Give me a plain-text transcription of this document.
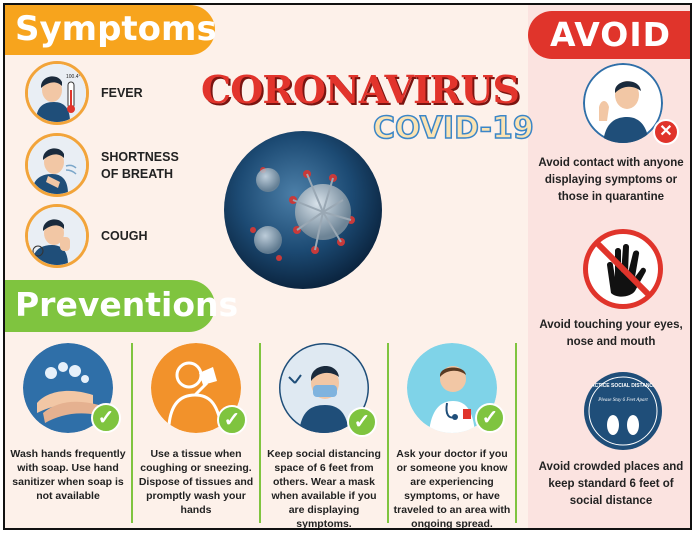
Symptoms
100.4°+
FEVER
SHORTNESS
OF BREATH
COUGH
CORONAVIRUS
COVID-19
Preventions
✓
Wash hands frequently with soap. Use hand sanitizer when soap is not available
✓
Use a tissue when coughing or sneezing. Dispose of tissues and promptly wash your hands
✓
Keep social distancing space of 6 feet from others. Wear a mask when available if you are displaying symptoms.
✓
Ask your doctor if you or someone you know are experiencing symptoms, or have traveled to an area with ongoing spread.
AVOID
✕
Avoid contact with anyone displaying symptoms or those in quarantine
Avoid touching your eyes, nose and mouth
PRACTICE SOCIAL DISTANCING
Please Stay 6 Feet Apart
Avoid crowded places and keep standard 6 feet of social distance
